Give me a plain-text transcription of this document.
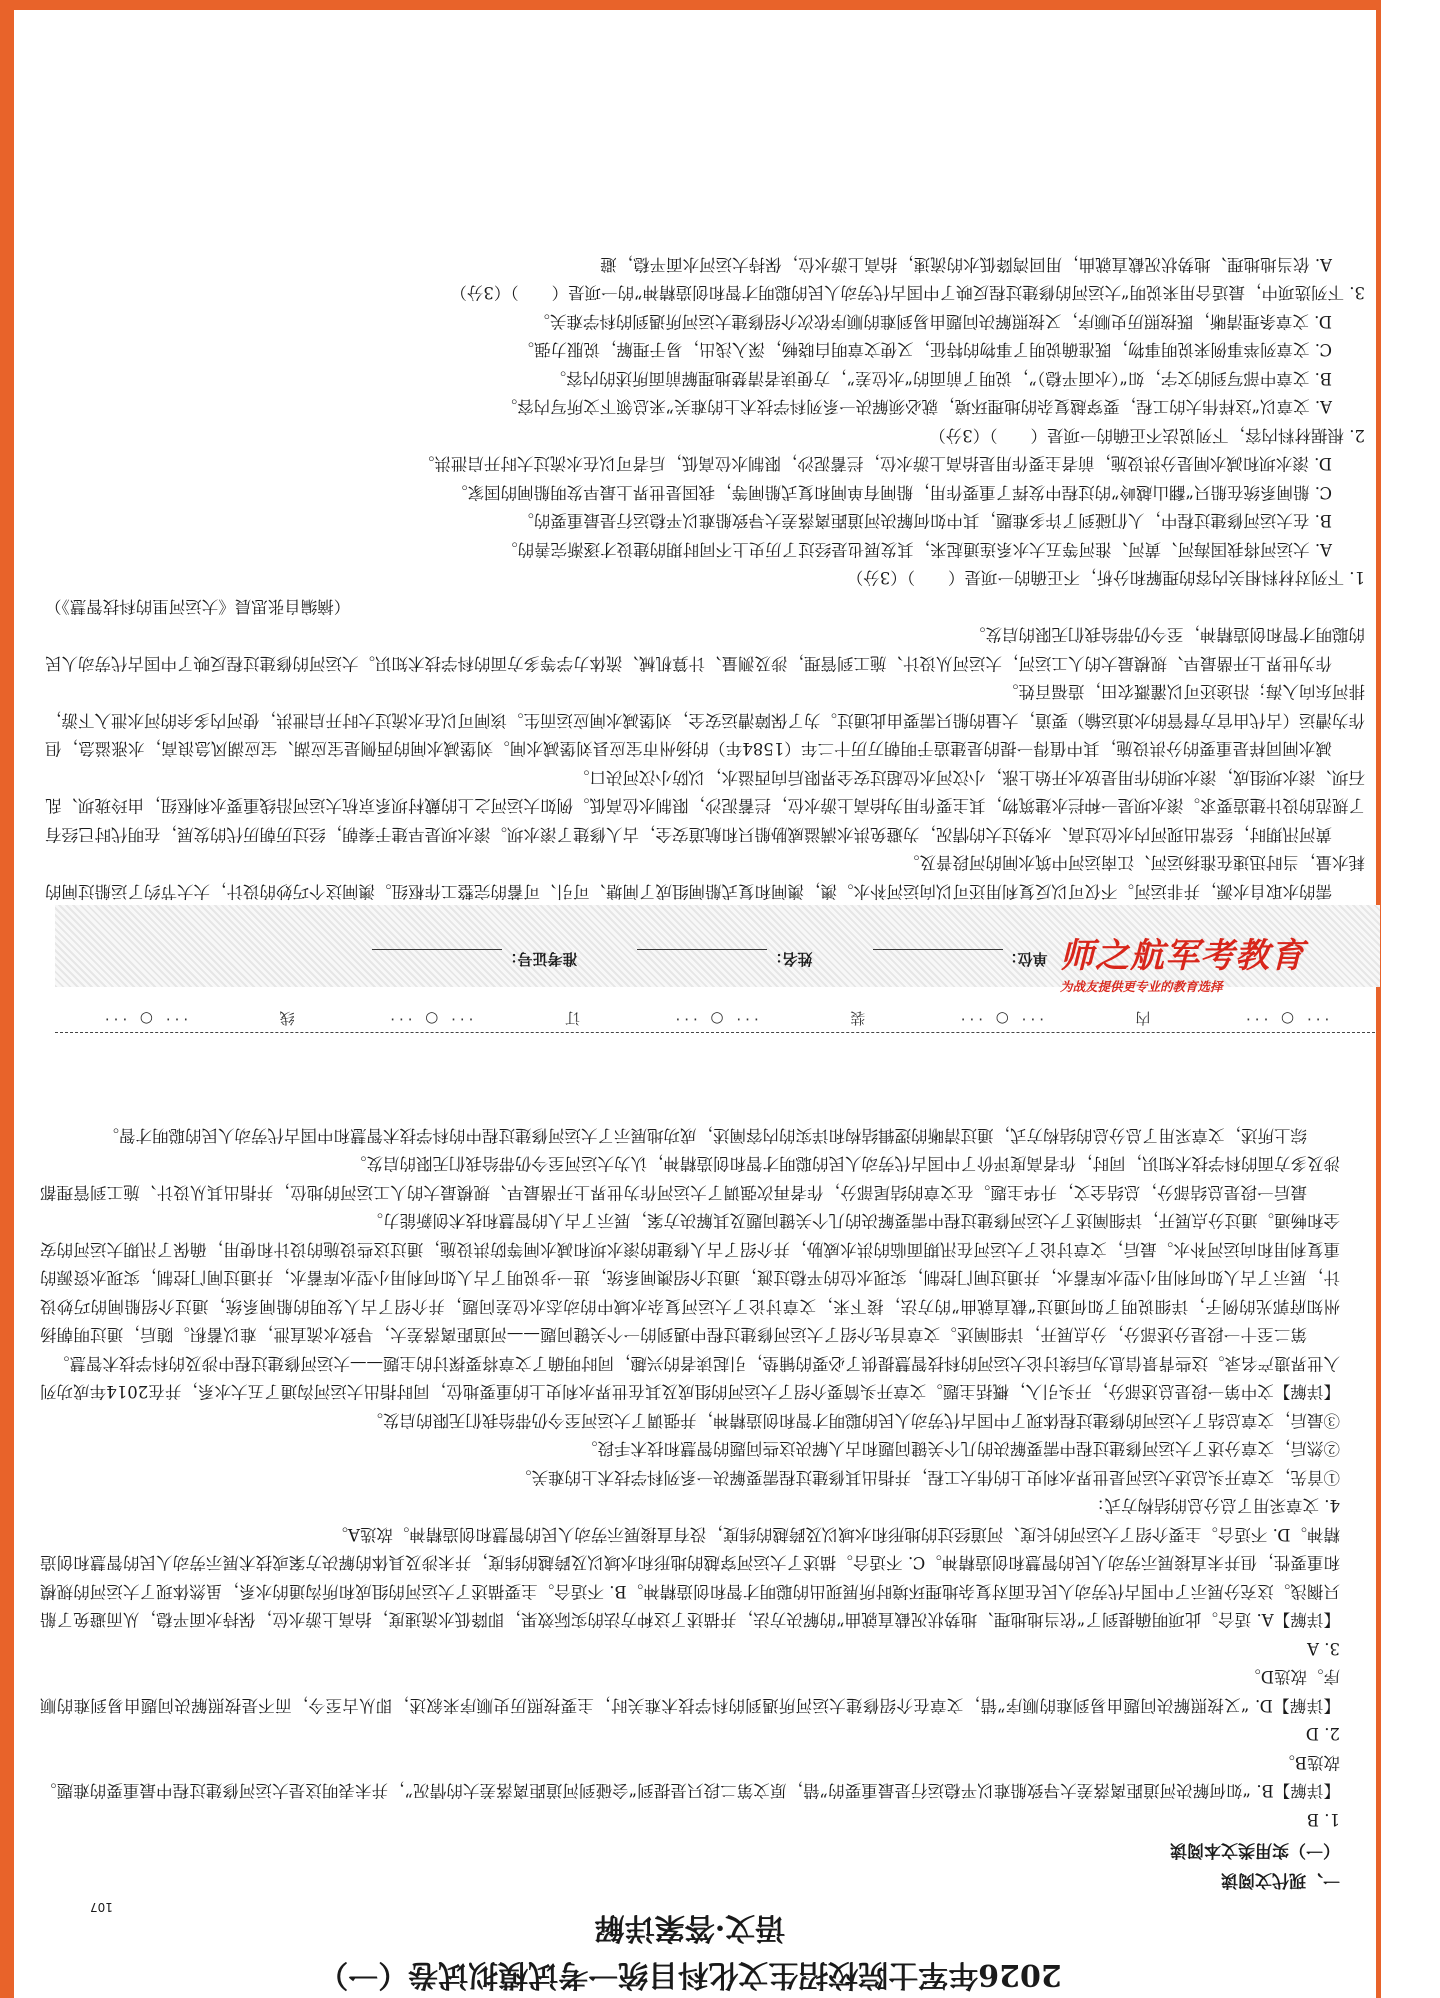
需的水取自水源，并非运河。不仅可以反复利用还可以向运河补水。澳，澳闸和复式船闸组成了闸塘、可引、可蓄的完整工作枢纽。澳闸这个巧妙的设计，大大节约了运船过闸的耗水量，当时迅速在淮扬运河、江南运河中筑水闸的河段普及。

黄河汛期时，经常出现河内水位过高、水势过大的情况，为避免洪水满溢威胁船只和航道安全，古人修建了滚水坝。滚水坝是早建于秦朝，经过历朝历代的发展，在明代时已经有了规范的设计建造要求。滚水坝是一种拦水建筑物，其主要作用为抬高上游水位，拦蓄泥沙，限制水位高低。例如大运河之上的戴村坝系京杭大运河沿线重要水利枢纽，由玲珑坝、乱石坝、滚水坝组成，滚水坝的作用是放水开始上涨，小汶河水位超过安全界限后向西溢水，以防小汶河决口。

减水闸同样是重要的分洪设施，其中值得一提的是建造于明朝万历十二年（1584年）的扬州市宝应县刘堡减水闸。刘堡减水闸的西侧是宝应湖、宝应湖风急浪高，水涨溢急，但作为漕运（古代由官方督管的水道运输）要道，大量的船只需要由此通过。为了保障漕运安全，刘堡减水闸应运而生。该闸可以在水流过大时开启泄洪，使河内多余的河水泄入下游，排河东向入海；沿途还可以灌溉农田，造福百姓。

作为世界上开凿最早、规模最大的人工运河，大运河从设计、施工到管理，涉及测量、计算机械、流体力学等多方面的科学技术知识。大运河的修建过程反映了中国古代劳动人民的聪明才智和创造精神，至今仍带给我们无限的启发。

（摘编自张思晨《大运河里的科技智慧》）

1. 下列对材料相关内容的理解和分析，不正确的一项是（　　）（3分）

A. 大运河将我国海河、黄河、淮河等五大水系连通起来，其发展也是经过了历史上不同时期的建设才逐渐完善的。

B. 在大运河修建过程中，人们碰到了许多难题，其中如何解决河道距离落差大导致船难以平稳运行是最重要的。

C. 船闸系统在船只“翻山越岭”的过程中发挥了重要作用，船闸有单闸和复式船闸等，我国是世界上最早发明船闸的国家。

D. 滚水坝和减水闸是分洪设施，前者主要作用是抬高上游水位，拦蓄泥沙，限制水位高低，后者可以在水流过大时开启泄洪。

2. 根据材料内容，下列说法不正确的一项是（　　）（3分）

A. 文章以“这样伟大的工程，要穿越复杂的地理环境，就必须解决一系列科学技术上的难关”来总领下文所写内容。

B. 文章中部写到的文字，如“（水面平稳）”，说明了前面的“水位差”，方便读者清楚地理解前面所述的内容。

C. 文章列举事例来说明事物，既准确说明了事物的特征，又使文章明白晓畅，深入浅出，易于理解，说服力强。

D. 文章条理清晰，既按照历史顺序，又按照解决问题由易到难的顺序依次介绍修建大运河所遇到的科学难关。

3. 下列选项中，最适合用来说明“大运河的修建过程反映了中国古代劳动人民的聪明才智和创造精神”的一项是（　　）（3分）

A. 依当地地理、地势状况截直就曲，用回湾降低水的流速，抬高上游水位，保持大运河水面平稳，避

单位：
姓名：
准考证号：	师之航军考教育
为战友提供更专业的教育选择
··· ○ ···
内
··· ○ ···
装
··· ○ ···
订
··· ○ ···
线
··· ○ ···
2026年军士院校招生文化科目统一考试模拟试卷（一）
语文·答案详解
一、现代文阅读
（一）实用类文本阅读

1. B

【详解】B. “如何解决河道距离落差大导致船难以平稳运行是最重要的”错，原文第二段只是提到“会碰到河道距离落差大的情况”，并未表明这是大运河修建过程中最重要的难题。故选B。

2. D

【详解】D. “又按照解决问题由易到难的顺序”错，文章在介绍修建大运河所遇到的科学技术难关时，主要按照历史顺序来叙述，即从古至今，而不是按照解决问题由易到难的顺序。故选D。

3. A

【详解】A. 适合。此项明确提到了“依当地地理、地势状况截直就曲”的解决方法，并描述了这种方法的实际效果，即降低水流速度，抬高上游水位，保持水面平稳，从而避免了船只搁浅。这充分展示了中国古代劳动人民在面对复杂地理环境时所展现出的聪明才智和创造精神。B. 不适合。主要描述了大运河的组成和所沟通的水系，虽然体现了大运河的规模和重要性，但并未直接展示劳动人民的智慧和创造精神。C. 不适合。描述了大运河穿越的地形和水域以及跨越的纬度，并未涉及具体的解决方案或技术展示劳动人民的智慧和创造精神。D. 不适合。主要介绍了大运河的长度、河道经过的地形和水域以及跨越的纬度，没有直接展示劳动人民的智慧和创造精神。故选A。

4. 文章采用了总分总的结构方式：

①首先，文章开头总述大运河是世界水利史上的伟大工程，并指出其修建过程需要解决一系列科学技术上的难关。

②然后，文章分述了大运河修建过程中需要解决的几个关键问题和古人解决这些问题的智慧和技术手段。

③最后，文章总结了大运河的修建过程体现了中国古代劳动人民的聪明才智和创造精神，并强调了大运河至今仍带给我们无限的启发。

【详解】文中第一段是总述部分，开头引入，概括主题。文章开头简要介绍了大运河的组成及其在世界水利史上的重要地位，同时指出大运河沟通了五大水系，并在2014年成功列入世界遗产名录。这些背景信息为后续讨论大运河的科技智慧提供了必要的铺垫，引起读者的兴趣，同时明确了文章将要探讨的主题——大运河修建过程中涉及的科学技术智慧。

第二至十一段是分述部分，分点展开，详细阐述。文章首先介绍了大运河修建过程中遇到的一个关键问题——河道距离落差大，导致水流直泄，难以蓄积。随后，通过明朝扬州知府郭光的例子，详细说明了如何通过“截直就曲”的方法，接下来，文章讨论了大运河复杂水域中的动态水位差问题，并介绍了古人发明的船闸系统，通过介绍船闸的巧妙设计，展示了古人如何利用小型水库蓄水，并通过闸门控制，实现水位的平稳过渡，通过介绍澳闸系统，进一步说明了古人如何利用小型水库蓄水，并通过闸门控制，实现水资源的重复利用和向运河补水。最后，文章讨论了大运河在汛期面临的洪水威胁，并介绍了古人修建的滚水坝和减水闸等防洪设施，通过这些设施的设计和使用，确保了汛期大运河的安全和畅通。通过分点展开，详细阐述了大运河修建过程中需要解决的几个关键问题及其解决方案，展示了古人的智慧和技术创新能力。

最后一段是总结部分，总结全文，升华主题。在文章的结尾部分，作者再次强调了大运河作为世界上开凿最早、规模最大的人工运河的地位，并指出其从设计、施工到管理都涉及多方面的科学技术知识，同时，作者高度评价了中国古代劳动人民的聪明才智和创造精神，认为大运河至今仍带给我们无限的启发。

综上所述，文章采用了总分总的结构方式，通过清晰的逻辑结构和详实的内容阐述，成功地展示了大运河修建过程中的科学技术智慧和中国古代劳动人民的聪明才智。

107
